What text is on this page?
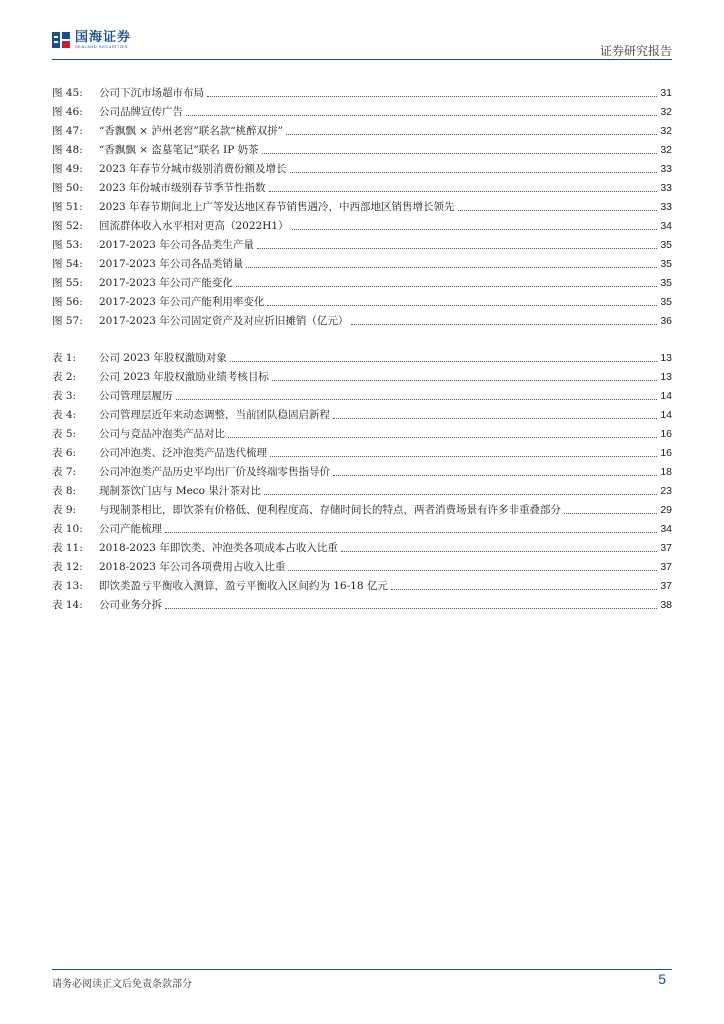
国海证券
SEALAND SECURITIES	证券研究报告
图 45:	公司下沉市场超市布局	31
图 46:	公司品牌宣传广告	32
图 47:	“香飘飘 × 泸州老窖”联名款“桃醉双拼”	32
图 48:	“香飘飘 × 盗墓笔记”联名 IP 奶茶	32
图 49:	2023 年春节分城市级别消费份额及增长	33
图 50:	2023 年份城市级别春节季节性指数	33
图 51:	2023 年春节期间北上广等发达地区春节销售遇冷，中西部地区销售增长领先	33
图 52:	回流群体收入水平相对更高（2022H1）	34
图 53:	2017-2023 年公司各品类生产量	35
图 54:	2017-2023 年公司各品类销量	35
图 55:	2017-2023 年公司产能变化	35
图 56:	2017-2023 年公司产能利用率变化	35
图 57:	2017-2023 年公司固定资产及对应折旧摊销（亿元）	36
表 1:	公司 2023 年股权激励对象	13
表 2:	公司 2023 年股权激励业绩考核目标	13
表 3:	公司管理层履历	14
表 4:	公司管理层近年来动态调整，当前团队稳固启新程	14
表 5:	公司与竞品冲泡类产品对比	16
表 6:	公司冲泡类、泛冲泡类产品迭代梳理	16
表 7:	公司冲泡类产品历史平均出厂价及终端零售指导价	18
表 8:	现制茶饮门店与 Meco 果汁茶对比	23
表 9:	与现制茶相比，即饮茶有价格低、便利程度高、存储时间长的特点，两者消费场景有许多非重叠部分	29
表 10:	公司产能梳理	34
表 11:	2018-2023 年即饮类、冲泡类各项成本占收入比重	37
表 12:	2018-2023 年公司各项费用占收入比重	37
表 13:	即饮类盈亏平衡收入测算，盈亏平衡收入区间约为 16-18 亿元	37
表 14:	公司业务分拆	38
请务必阅读正文后免责条款部分	5
